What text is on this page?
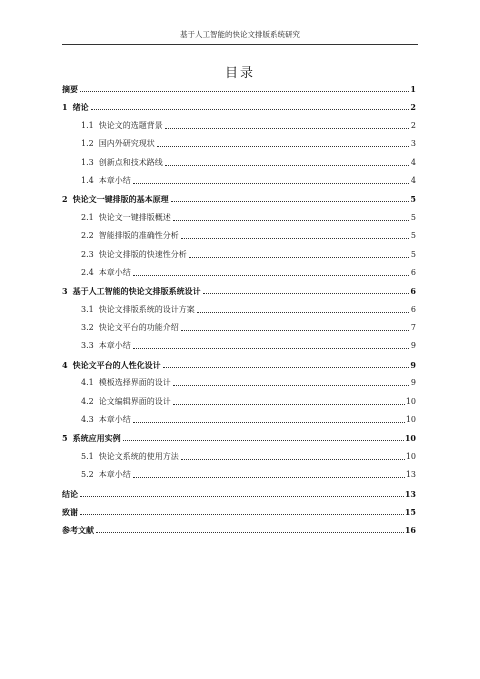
基于人工智能的快论文排版系统研究
目录
摘要	1
1 绪论	2
1.1 快论文的选题背景	2
1.2 国内外研究现状	3
1.3 创新点和技术路线	4
1.4 本章小结	4
2 快论文一键排版的基本原理	5
2.1 快论文一键排版概述	5
2.2 智能排版的准确性分析	5
2.3 快论文排版的快速性分析	5
2.4 本章小结	6
3 基于人工智能的快论文排版系统设计	6
3.1 快论文排版系统的设计方案	6
3.2 快论文平台的功能介绍	7
3.3 本章小结	9
4 快论文平台的人性化设计	9
4.1 模板选择界面的设计	9
4.2 论文编辑界面的设计	10
4.3 本章小结	10
5 系统应用实例	10
5.1 快论文系统的使用方法	10
5.2 本章小结	13
结论	13
致谢	15
参考文献	16
